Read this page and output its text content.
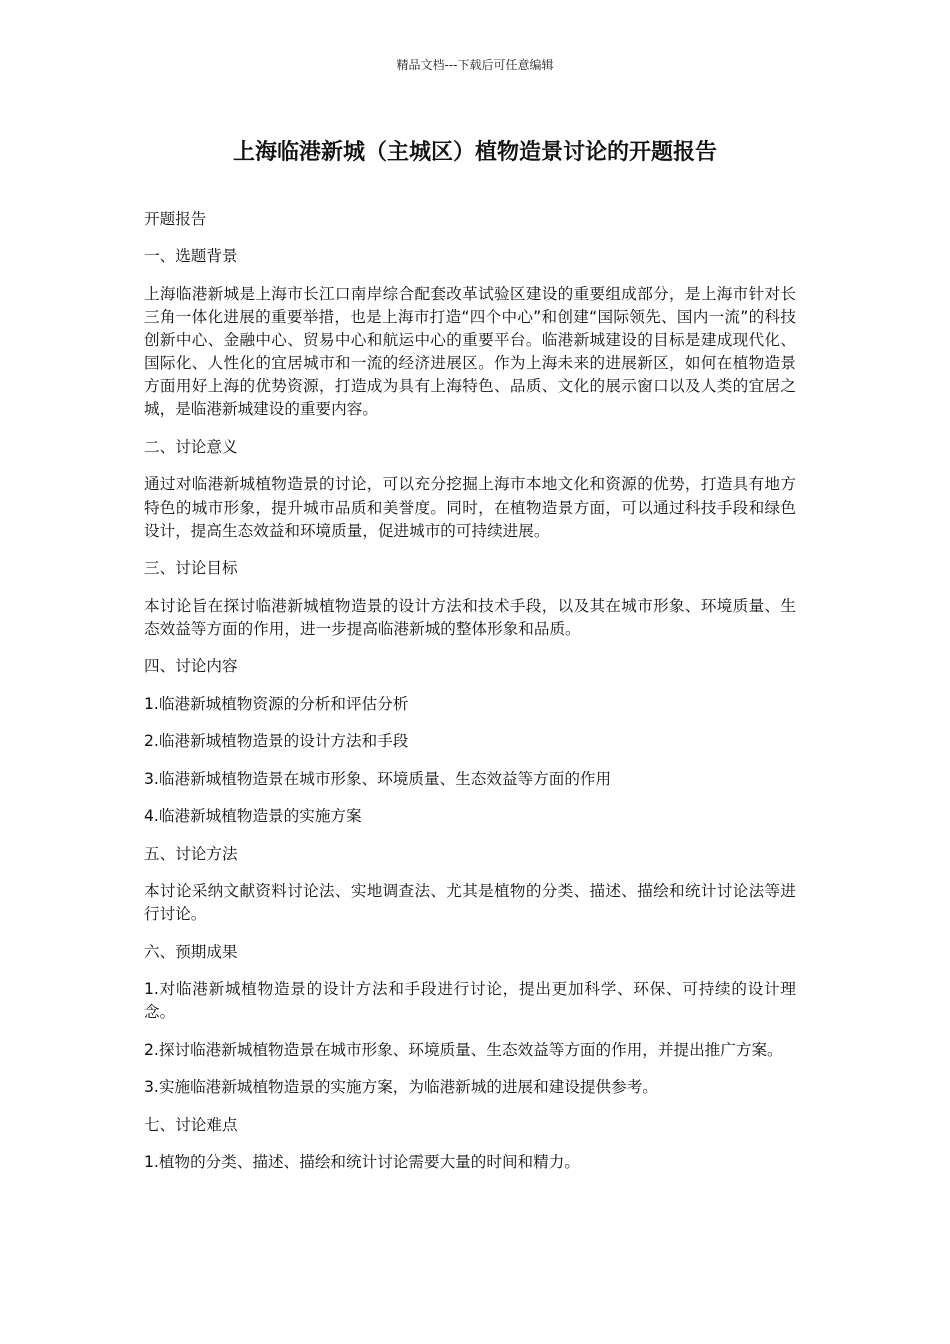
精品文档---下载后可任意编辑
上海临港新城（主城区）植物造景讨论的开题报告

开题报告

一、选题背景

上海临港新城是上海市长江口南岸综合配套改革试验区建设的重要组成部分，是上海市针对长三角一体化进展的重要举措，也是上海市打造“四个中心”和创建“国际领先、国内一流”的科技创新中心、金融中心、贸易中心和航运中心的重要平台。临港新城建设的目标是建成现代化、国际化、人性化的宜居城市和一流的经济进展区。作为上海未来的进展新区，如何在植物造景方面用好上海的优势资源，打造成为具有上海特色、品质、文化的展示窗口以及人类的宜居之城，是临港新城建设的重要内容。

二、讨论意义

通过对临港新城植物造景的讨论，可以充分挖掘上海市本地文化和资源的优势，打造具有地方特色的城市形象，提升城市品质和美誉度。同时，在植物造景方面，可以通过科技手段和绿色设计，提高生态效益和环境质量，促进城市的可持续进展。

三、讨论目标

本讨论旨在探讨临港新城植物造景的设计方法和技术手段，以及其在城市形象、环境质量、生态效益等方面的作用，进一步提高临港新城的整体形象和品质。

四、讨论内容

1.临港新城植物资源的分析和评估分析

2.临港新城植物造景的设计方法和手段

3.临港新城植物造景在城市形象、环境质量、生态效益等方面的作用

4.临港新城植物造景的实施方案

五、讨论方法

本讨论采纳文献资料讨论法、实地调查法、尤其是植物的分类、描述、描绘和统计讨论法等进行讨论。

六、预期成果

1.对临港新城植物造景的设计方法和手段进行讨论，提出更加科学、环保、可持续的设计理念。

2.探讨临港新城植物造景在城市形象、环境质量、生态效益等方面的作用，并提出推广方案。

3.实施临港新城植物造景的实施方案，为临港新城的进展和建设提供参考。

七、讨论难点

1.植物的分类、描述、描绘和统计讨论需要大量的时间和精力。
